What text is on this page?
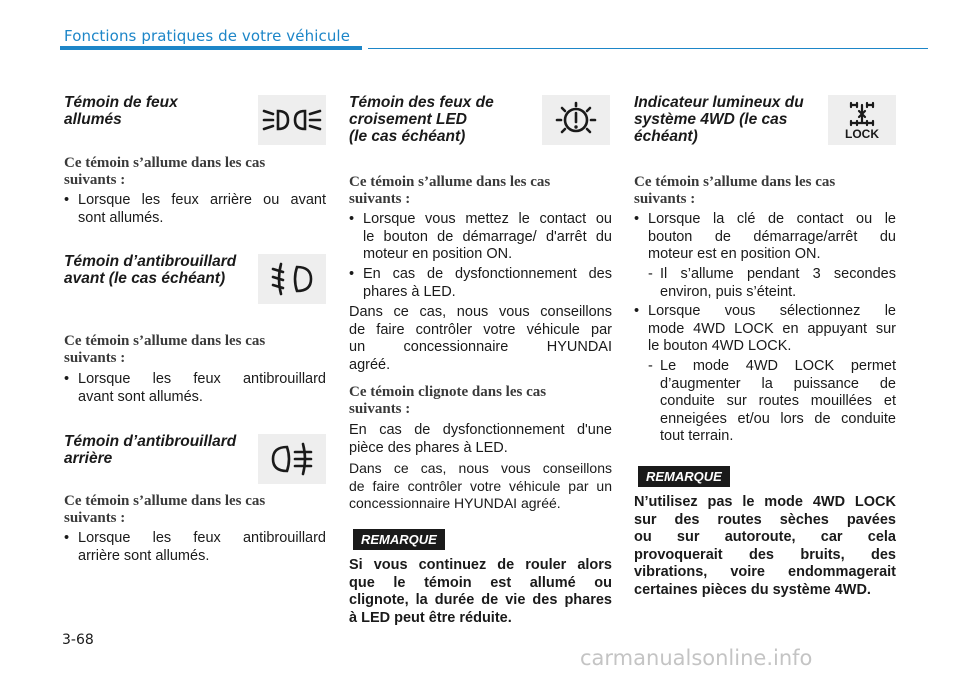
Fonctions pratiques de votre véhicule
Témoin de feux
allumés
Ce témoin s’allume dans les cas
suivants :
• Lorsque les feux arrière ou avant
sont allumés.
Témoin d’antibrouillard
avant (le cas échéant)
Ce témoin s’allume dans les cas
suivants :
• Lorsque les feux antibrouillard
avant sont allumés.
Témoin d’antibrouillard
arrière
Ce témoin s’allume dans les cas
suivants :
• Lorsque les feux antibrouillard
arrière sont allumés.
Témoin des feux de
croisement LED
(le cas échéant)
Ce témoin s’allume dans les cas
suivants :
• Lorsque vous mettez le contact ou
le bouton de démarrage/ d'arrêt du
moteur en position ON.
• En cas de dysfonctionnement des
phares à LED.
Dans ce cas, nous vous conseillons
de faire contrôler votre véhicule par
un concessionnaire HYUNDAI
agréé.
Ce témoin clignote dans les cas
suivants :
En cas de dysfonctionnement d'une
pièce des phares à LED.
Dans ce cas, nous vous conseillons
de faire contrôler votre véhicule par un
concessionnaire HYUNDAI agréé.
REMARQUE
Si vous continuez de rouler alors
que le témoin est allumé ou
clignote, la durée de vie des phares
à LED peut être réduite.
Indicateur lumineux du
système 4WD (le cas
échéant)	LOCK
Ce témoin s’allume dans les cas
suivants :
• Lorsque la clé de contact ou le
bouton de démarrage/arrêt du
moteur est en position ON.
- Il s’allume pendant 3 secondes
environ, puis s’éteint.
• Lorsque vous sélectionnez le
mode 4WD LOCK en appuyant sur
le bouton 4WD LOCK.
- Le mode 4WD LOCK permet
d’augmenter la puissance de
conduite sur routes mouillées et
enneigées et/ou lors de conduite
tout terrain.
REMARQUE
N’utilisez pas le mode 4WD LOCK
sur des routes sèches pavées
ou sur autoroute, car cela
provoquerait des bruits, des
vibrations, voire endommagerait
certaines pièces du système 4WD.
3-68
carmanualsonline.info
